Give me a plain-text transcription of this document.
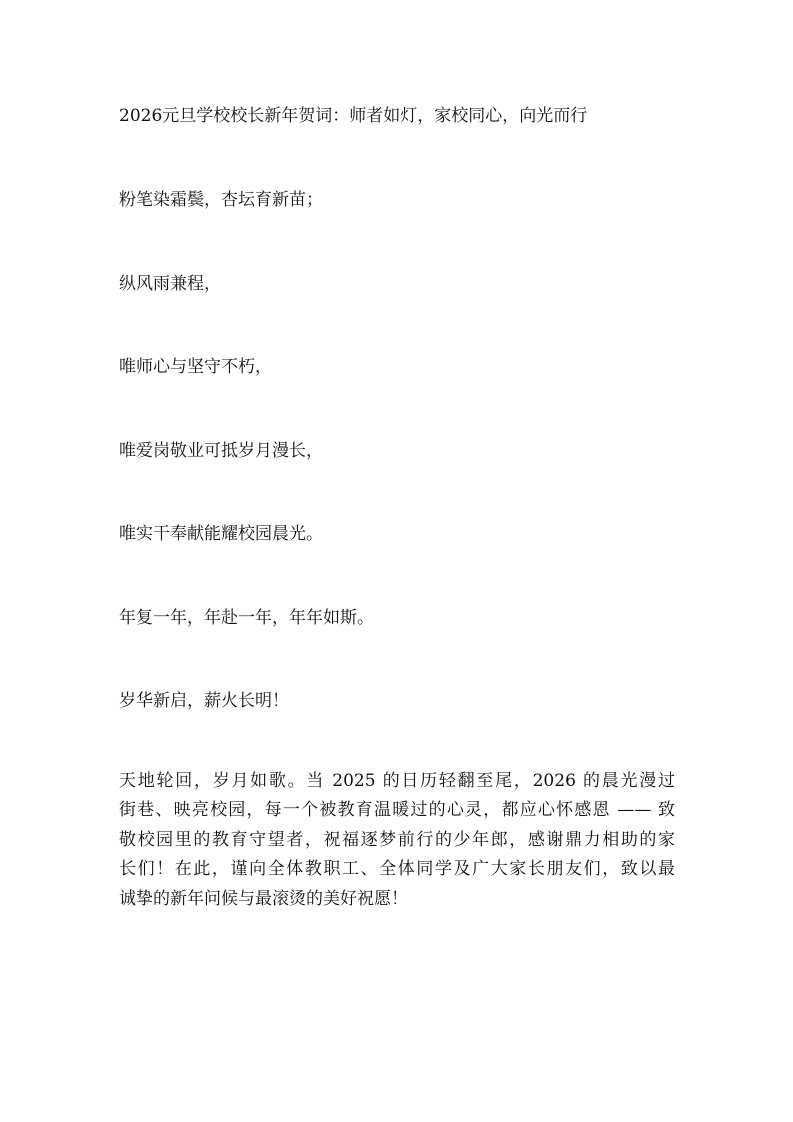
2026元旦学校校长新年贺词：师者如灯，家校同心，向光而行
粉笔染霜鬓，杏坛育新苗；
纵风雨兼程，
唯师心与坚守不朽，
唯爱岗敬业可抵岁月漫长，
唯实干奉献能耀校园晨光。
年复一年，年赴一年，年年如斯。
岁华新启，薪火长明！
天地轮回，岁月如歌。当 2025 的日历轻翻至尾，2026 的晨光漫过
街巷、映亮校园，每一个被教育温暖过的心灵，都应心怀感恩 —— 致
敬校园里的教育守望者，祝福逐梦前行的少年郎，感谢鼎力相助的家
长们！在此，谨向全体教职工、全体同学及广大家长朋友们，致以最
诚挚的新年问候与最滚烫的美好祝愿！
